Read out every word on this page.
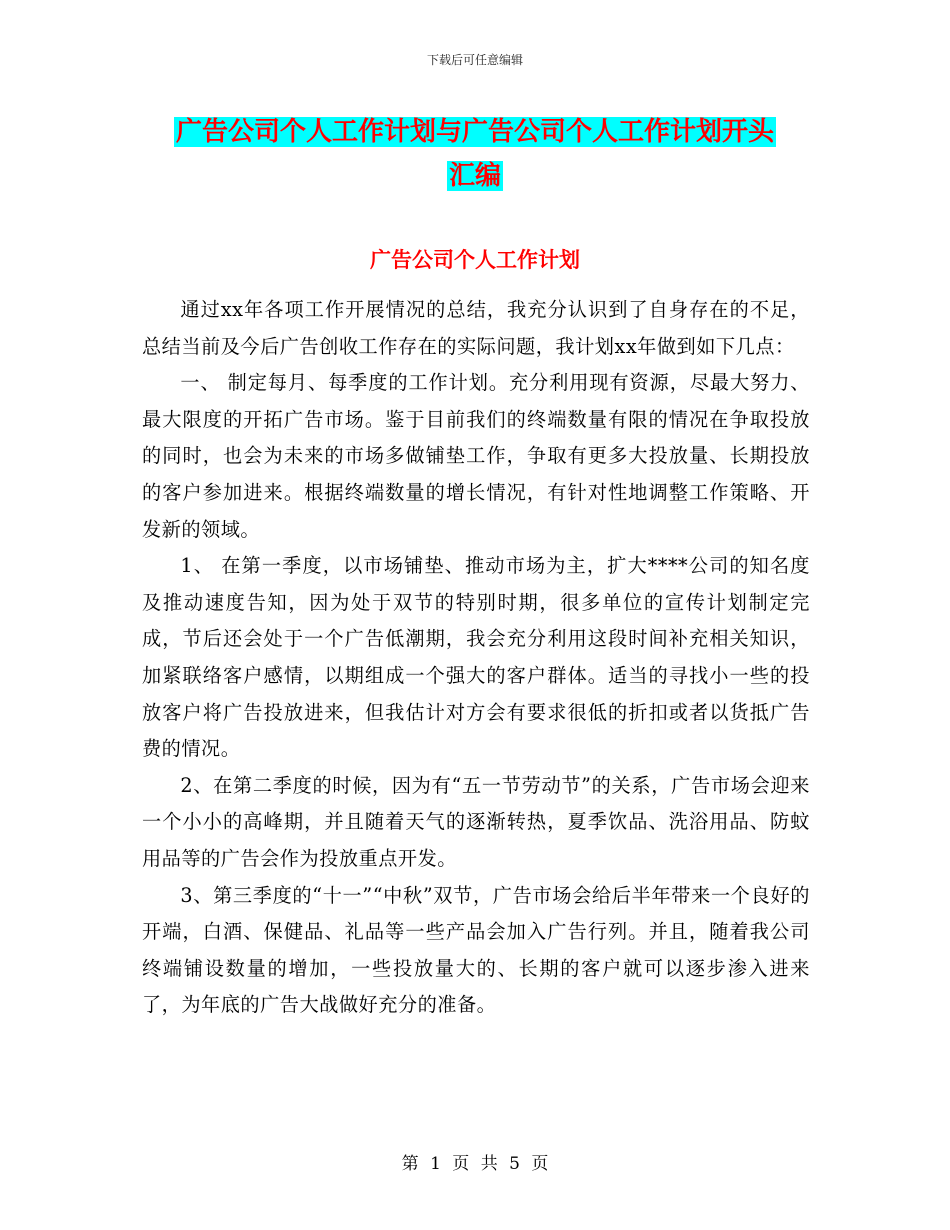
下载后可任意编辑
广告公司个人工作计划与广告公司个人工作计划开头
汇编
广告公司个人工作计划

通过xx年各项工作开展情况的总结，我充分认识到了自身存在的不足，总结当前及今后广告创收工作存在的实际问题，我计划xx年做到如下几点：

一、 制定每月、每季度的工作计划。充分利用现有资源，尽最大努力、最大限度的开拓广告市场。鉴于目前我们的终端数量有限的情况在争取投放的同时，也会为未来的市场多做铺垫工作，争取有更多大投放量、长期投放的客户参加进来。根据终端数量的增长情况，有针对性地调整工作策略、开发新的领域。

1、 在第一季度，以市场铺垫、推动市场为主，扩大****公司的知名度及推动速度告知，因为处于双节的特别时期，很多单位的宣传计划制定完成，节后还会处于一个广告低潮期，我会充分利用这段时间补充相关知识，加紧联络客户感情，以期组成一个强大的客户群体。适当的寻找小一些的投放客户将广告投放进来，但我估计对方会有要求很低的折扣或者以货抵广告费的情况。

2、在第二季度的时候，因为有“五一节劳动节”的关系，广告市场会迎来一个小小的高峰期，并且随着天气的逐渐转热，夏季饮品、洗浴用品、防蚊用品等的广告会作为投放重点开发。

3、第三季度的“十一”“中秋”双节，广告市场会给后半年带来一个良好的开端，白酒、保健品、礼品等一些产品会加入广告行列。并且，随着我公司终端铺设数量的增加，一些投放量大的、长期的客户就可以逐步渗入进来了，为年底的广告大战做好充分的准备。

第 1 页 共 5 页
